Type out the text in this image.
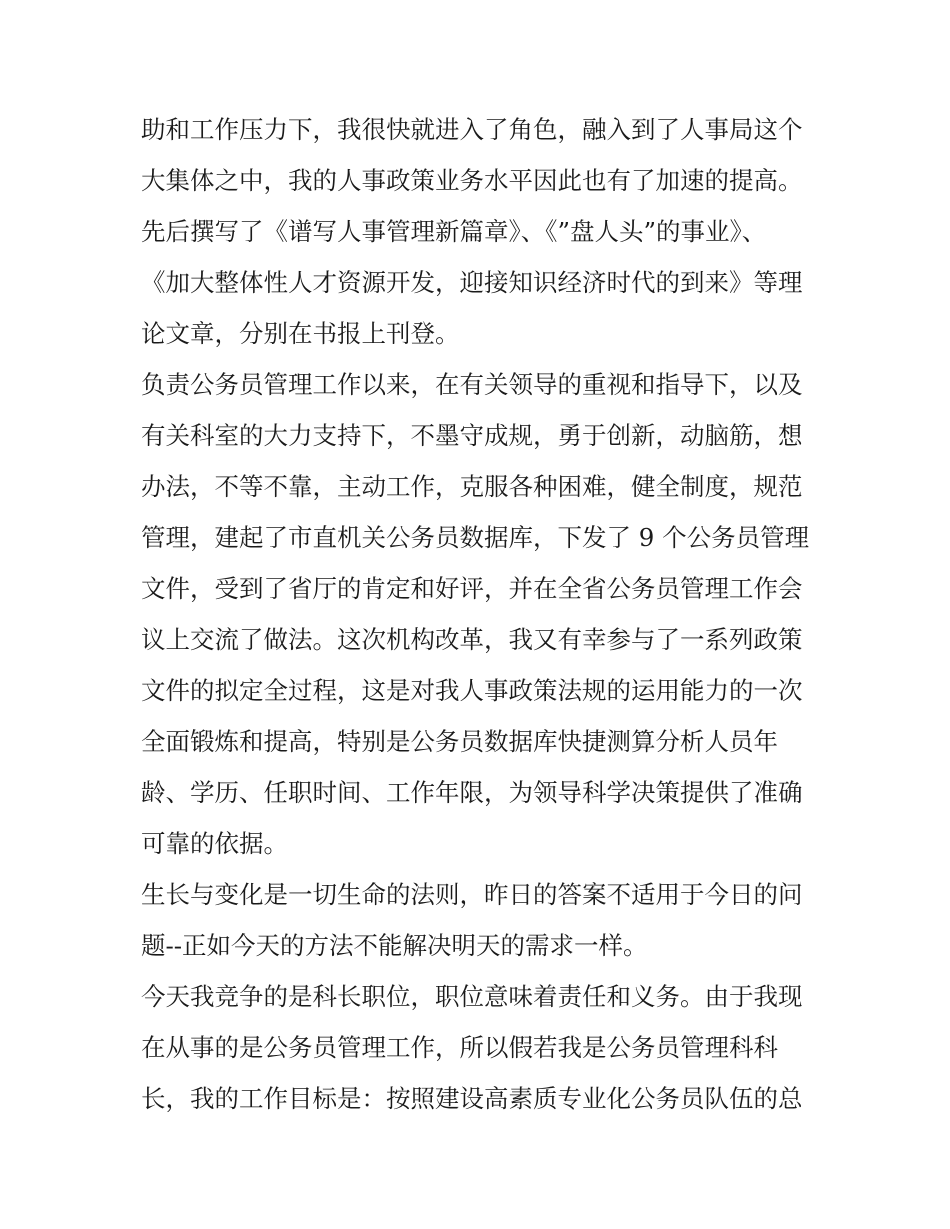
助和工作压力下，我很快就进入了角色，融入到了人事局这个
大集体之中，我的人事政策业务水平因此也有了加速的提高。
先后撰写了《谱写人事管理新篇章》、《”盘人头”的事业》、
《加大整体性人才资源开发，迎接知识经济时代的到来》等理
论文章，分别在书报上刊登。
负责公务员管理工作以来，在有关领导的重视和指导下，以及
有关科室的大力支持下，不墨守成规，勇于创新，动脑筋，想
办法，不等不靠，主动工作，克服各种困难，健全制度，规范
管理，建起了市直机关公务员数据库，下发了 9 个公务员管理
文件，受到了省厅的肯定和好评，并在全省公务员管理工作会
议上交流了做法。这次机构改革，我又有幸参与了一系列政策
文件的拟定全过程，这是对我人事政策法规的运用能力的一次
全面锻炼和提高，特别是公务员数据库快捷测算分析人员年
龄、学历、任职时间、工作年限，为领导科学决策提供了准确
可靠的依据。
生长与变化是一切生命的法则，昨日的答案不适用于今日的问
题--正如今天的方法不能解决明天的需求一样。
今天我竞争的是科长职位，职位意味着责任和义务。由于我现
在从事的是公务员管理工作，所以假若我是公务员管理科科
长，我的工作目标是：按照建设高素质专业化公务员队伍的总
